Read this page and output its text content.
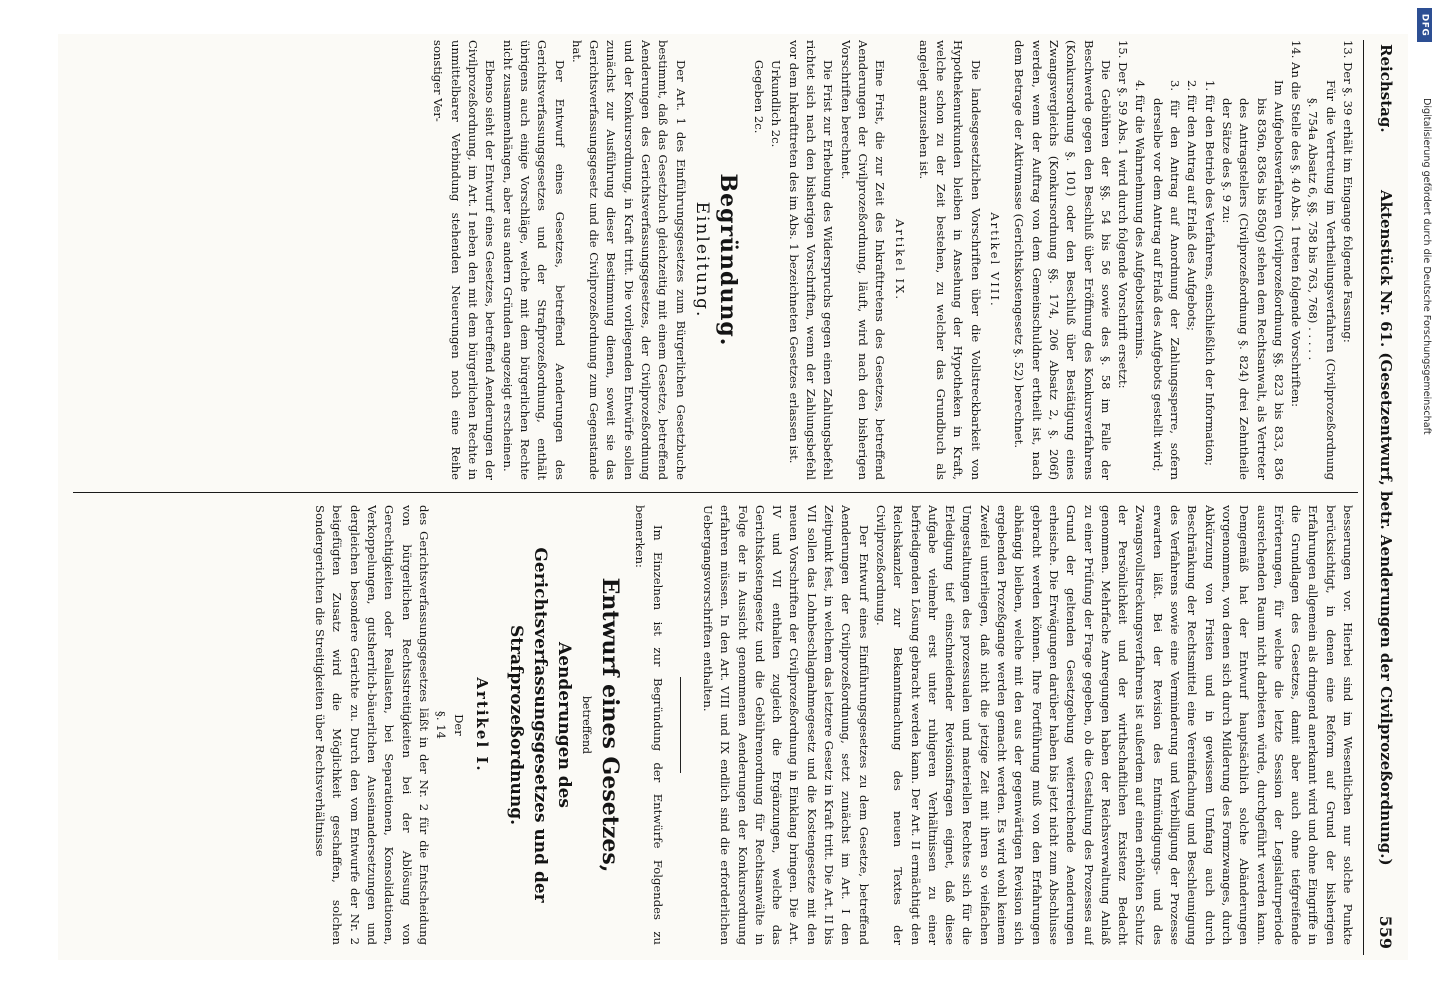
Reichstag.
Aktenstück Nr. 61. (Gesetzentwurf, betr. Aenderungen der Civilprozeßordnung.)
559

13. Der §. 39 erhält im Eingange folgende Fassung:

Für die Vertretung im Vertheilungsverfahren (Civilprozeßordnung §. 754a Absatz 6, §§. 758 bis 763, 768) . . . . .

14. An die Stelle des §. 40 Abs. 1 treten folgende Vorschriften:

Im Aufgebotsverfahren (Civilprozeßordnung §§. 823 bis 833, 836 bis 836n, 836s bis 850g) stehen dem Rechtsanwalt, als Vertreter des Antragstellers (Civilprozeßordnung §. 824) drei Zehntheile der Sätze des §. 9 zu:

1. für den Betrieb des Verfahrens, einschließlich der Information;

2. für den Antrag auf Erlaß des Aufgebots;

3. für den Antrag auf Anordnung der Zahlungssperre, sofern derselbe vor dem Antrag auf Erlaß des Aufgebots gestellt wird;

4. für die Wahrnehmung des Aufgebotstermins.

15. Der §. 59 Abs. 1 wird durch folgende Vorschrift ersetzt:

Die Gebühren der §§. 54 bis 56 sowie des §. 58 im Falle der Beschwerde gegen den Beschluß über Eröffnung des Konkursverfahrens (Konkursordnung §. 101) oder den Beschluß über Bestätigung eines Zwangsvergleichs (Konkursordnung §§. 174, 206 Absatz 2, §. 206f) werden, wenn der Auftrag von dem Gemeinschuldner ertheilt ist, nach dem Betrage der Aktivmasse (Gerichtskostengesetz §. 52) berechnet.

Artikel VIII.

Die landesgesetzlichen Vorschriften über die Vollstreckbarkeit von Hypothekenurkunden bleiben in Ansehung der Hypotheken in Kraft, welche schon zu der Zeit bestehen, zu welcher das Grundbuch als angelegt anzusehen ist.

Artikel IX.

Eine Frist, die zur Zeit des Inkrafttretens des Gesetzes, betreffend Aenderungen der Civilprozeßordnung, läuft, wird nach den bisherigen Vorschriften berechnet.

Die Frist zur Erhebung des Widerspruchs gegen einen Zahlungsbefehl richtet sich nach den bisherigen Vorschriften, wenn der Zahlungsbefehl vor dem Inkrafttreten des im Abs. 1 bezeichneten Gesetzes erlassen ist.

Urkundlich 2c.

Gegeben 2c.

Begründung.

Einleitung.

Der Art. 1 des Einführungsgesetzes zum Bürgerlichen Gesetzbuche bestimmt, daß das Gesetzbuch gleichzeitig mit einem Gesetze, betreffend Aenderungen des Gerichtsverfassungsgesetzes, der Civilprozeßordnung und der Konkursordnung, in Kraft tritt. Die vorliegenden Entwürfe sollen zunächst zur Ausführung dieser Bestimmung dienen, soweit sie das Gerichtsverfassungsgesetz und die Civilprozeßordnung zum Gegenstande hat.

Der Entwurf eines Gesetzes, betreffend Aenderungen des Gerichtsverfassungsgesetzes und der Strafprozeßordnung, enthält übrigens auch einige Vorschläge, welche mit dem bürgerlichen Rechte nicht zusammenhängen, aber aus andern Gründen angezeigt erscheinen.

Ebenso sieht der Entwurf eines Gesetzes, betreffend Aenderungen der Civilprozeßordnung, im Art. I neben den mit dem bürgerlichen Rechte in unmittelbarer Verbindung stehenden Neuerungen noch eine Reihe sonstiger Ver-

besserungen vor. Hierbei sind im Wesentlichen nur solche Punkte berücksichtigt, in denen eine Reform auf Grund der bisherigen Erfahrungen allgemein als dringend anerkannt wird und ohne Eingriffe in die Grundlagen des Gesetzes, damit aber auch ohne tiefgreifende Erörterungen, für welche die letzte Session der Legislaturperiode ausreichenden Raum nicht darbieten würde, durchgeführt werden kann. Demgemäß hat der Entwurf hauptsächlich solche Abänderungen vorgenommen, von denen sich durch Milderung des Formzwanges, durch Abkürzung von Fristen und in gewissem Umfang auch durch Beschränkung der Rechtsmittel eine Vereinfachung und Beschleunigung des Verfahrens sowie eine Verminderung und Verbilligung der Prozesse erwarten läßt. Bei der Revision des Entmündigungs- und des Zwangsvollstreckungsverfahrens ist außerdem auf einen erhöhten Schutz der Persönlichkeit und der wirthschaftlichen Existenz Bedacht genommen. Mehrfache Anregungen haben der Reichsverwaltung Anlaß zu einer Prüfung der Frage gegeben, ob die Gestaltung des Prozesses auf Grund der geltenden Gesetzgebung weiterreichende Aenderungen erheische. Die Erwägungen darüber haben bis jetzt nicht zum Abschlusse gebracht werden können. Ihre Fortführung muß von den Erfahrungen abhängig bleiben, welche mit den aus der gegenwärtigen Revision sich ergebenden Prozeßgange werden gemacht werden. Es wird wohl keinem Zweifel unterliegen, daß nicht die jetzige Zeit mit ihren so vielfachen Umgestaltungen des prozessualen und materiellen Rechtes sich für die Erledigung tief einschneidender Revisionsfragen eignet, daß diese Aufgabe vielmehr erst unter ruhigeren Verhältnissen zu einer befriedigenden Lösung gebracht werden kann. Der Art. II ermächtigt den Reichskanzler zur Bekanntmachung des neuen Textes der Civilprozeßordnung.

Der Entwurf eines Einführungsgesetzes zu dem Gesetze, betreffend Aenderungen der Civilprozeßordnung, setzt zunächst im Art. I den Zeitpunkt fest, in welchem das letztere Gesetz in Kraft tritt. Die Art. II bis VII sollen das Lohnbeschlagnahmegesetz und die Kostengesetze mit den neuen Vorschriften der Civilprozeßordnung in Einklang bringen. Die Art. IV und VII enthalten zugleich die Ergänzungen, welche das Gerichtskostengesetz und die Gebührenordnung für Rechtsanwälte in Folge der in Aussicht genommenen Aenderungen der Konkursordnung erfahren müssen. In den Art. VIII und IX endlich sind die erforderlichen Uebergangsvorschriften enthalten.

Im Einzelnen ist zur Begründung der Entwürfe Folgendes zu bemerken:

Entwurf eines Gesetzes,

betreffend

Aenderungen des Gerichtsverfassungsgesetzes und der Strafprozeßordnung.

Artikel I.

Der

§. 14

des Gerichtsverfassungsgesetzes läßt in der Nr. 2 für die Entscheidung von bürgerlichen Rechtsstreitigkeiten bei der Ablösung von Gerechtigkeiten oder Reallasten, bei Separationen, Konsolidationen, Verkoppelungen, gutsherrlich-bäuerlichen Auseinandersetzungen und dergleichen besondere Gerichte zu. Durch den vom Entwurfe der Nr. 2 beigefügten Zusatz wird die Möglichkeit geschaffen, solchen Sondergerichten die Streitigkeiten über Rechtsverhältnisse

DFG
Digitalisierung gefördert durch die Deutsche Forschungsgemeinschaft
